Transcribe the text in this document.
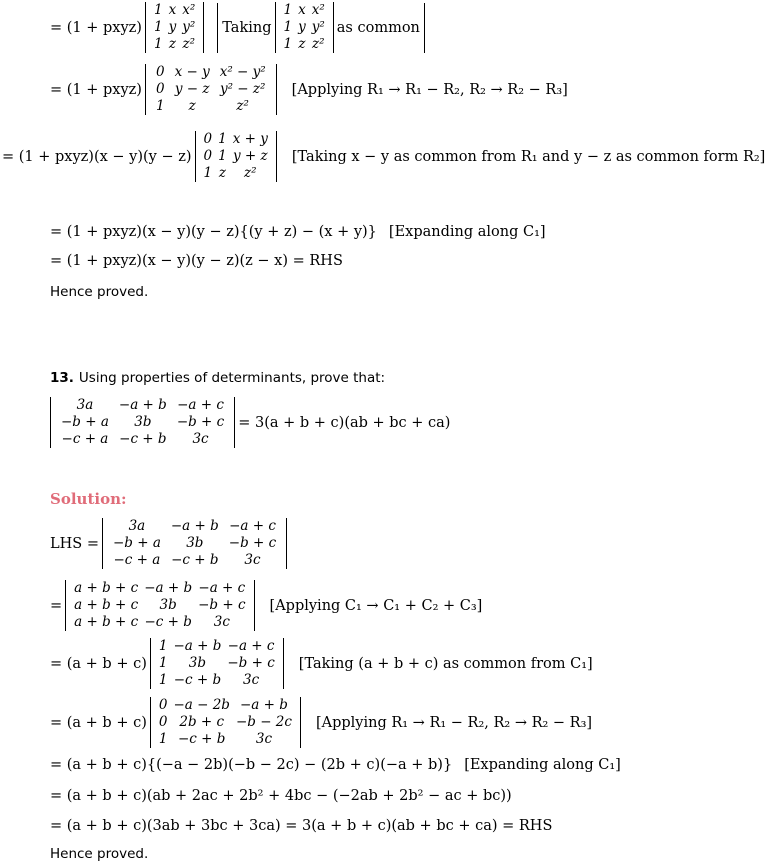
= (1 + pxyz)
1	x	x²
1	y	y²
1	z	z²
Taking
1	x	x²
1	y	y²
1	z	z²
as common
= (1 + pxyz)
0	x − y	x² − y²
0	y − z	y² − z²
1	z	z²
[Applying R₁ → R₁ − R₂, R₂ → R₂ − R₃]
= (1 + pxyz)(x − y)(y − z)
0	1	x + y
0	1	y + z
1	z	z²
[Taking x − y as common from R₁ and y − z as common form R₂]
= (1 + pxyz)(x − y)(y − z){(y + z) − (x + y)} [Expanding along C₁]
= (1 + pxyz)(x − y)(y − z)(z − x) = RHS
Hence proved.
13. Using properties of determinants, prove that:
3a	−a + b	−a + c
−b + a	3b	−b + c
−c + a	−c + b	3c
= 3(a + b + c)(ab + bc + ca)
Solution:
LHS =
3a	−a + b	−a + c
−b + a	3b	−b + c
−c + a	−c + b	3c
=
a + b + c	−a + b	−a + c
a + b + c	3b	−b + c
a + b + c	−c + b	3c
[Applying C₁ → C₁ + C₂ + C₃]
= (a + b + c)
1	−a + b	−a + c
1	3b	−b + c
1	−c + b	3c
[Taking (a + b + c) as common from C₁]
= (a + b + c)
0	−a − 2b	−a + b
0	2b + c	−b − 2c
1	−c + b	3c
[Applying R₁ → R₁ − R₂, R₂ → R₂ − R₃]
= (a + b + c){(−a − 2b)(−b − 2c) − (2b + c)(−a + b)} [Expanding along C₁]
= (a + b + c)(ab + 2ac + 2b² + 4bc − (−2ab + 2b² − ac + bc))
= (a + b + c)(3ab + 3bc + 3ca) = 3(a + b + c)(ab + bc + ca) = RHS
Hence proved.
